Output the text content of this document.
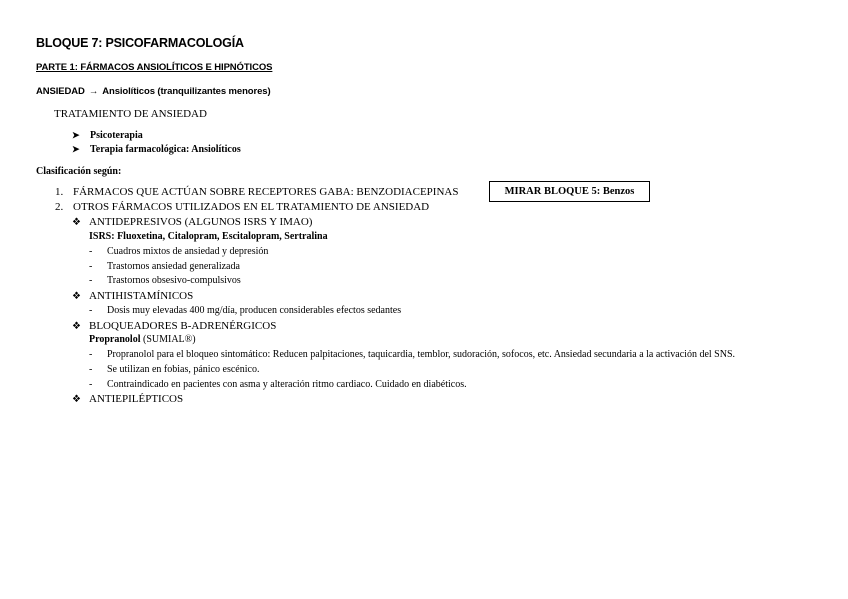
BLOQUE 7: PSICOFARMACOLOGÍA
PARTE 1: FÁRMACOS ANSIOLÍTICOS E HIPNÓTICOS
ANSIEDAD → Ansiolíticos (tranquilizantes menores)
TRATAMIENTO DE ANSIEDAD
➤ Psicoterapia
➤ Terapia farmacológica: Ansiolíticos
Clasificación según:
1. FÁRMACOS QUE ACTÚAN SOBRE RECEPTORES GABA: BENZODIACEPINAS	MIRAR BLOQUE 5: Benzos
2. OTROS FÁRMACOS UTILIZADOS EN EL TRATAMIENTO DE ANSIEDAD
❖ ANTIDEPRESIVOS (ALGUNOS ISRS Y IMAO)
ISRS: Fluoxetina, Citalopram, Escitalopram, Sertralina
- Cuadros mixtos de ansiedad y depresión
- Trastornos ansiedad generalizada
- Trastornos obsesivo-compulsivos
❖ ANTIHISTAMÍNICOS
- Dosis muy elevadas 400 mg/día, producen considerables efectos sedantes
❖ BLOQUEADORES Β-ADRENÉRGICOS
Propranolol (SUMIAL®)
- Propranolol para el bloqueo sintomático: Reducen palpitaciones, taquicardia, temblor, sudoración, sofocos, etc. Ansiedad secundaria a la activación del SNS.
- Se utilizan en fobias, pánico escénico.
- Contraindicado en pacientes con asma y alteración ritmo cardiaco. Cuidado en diabéticos.
❖ ANTIEPILÉPTICOS
